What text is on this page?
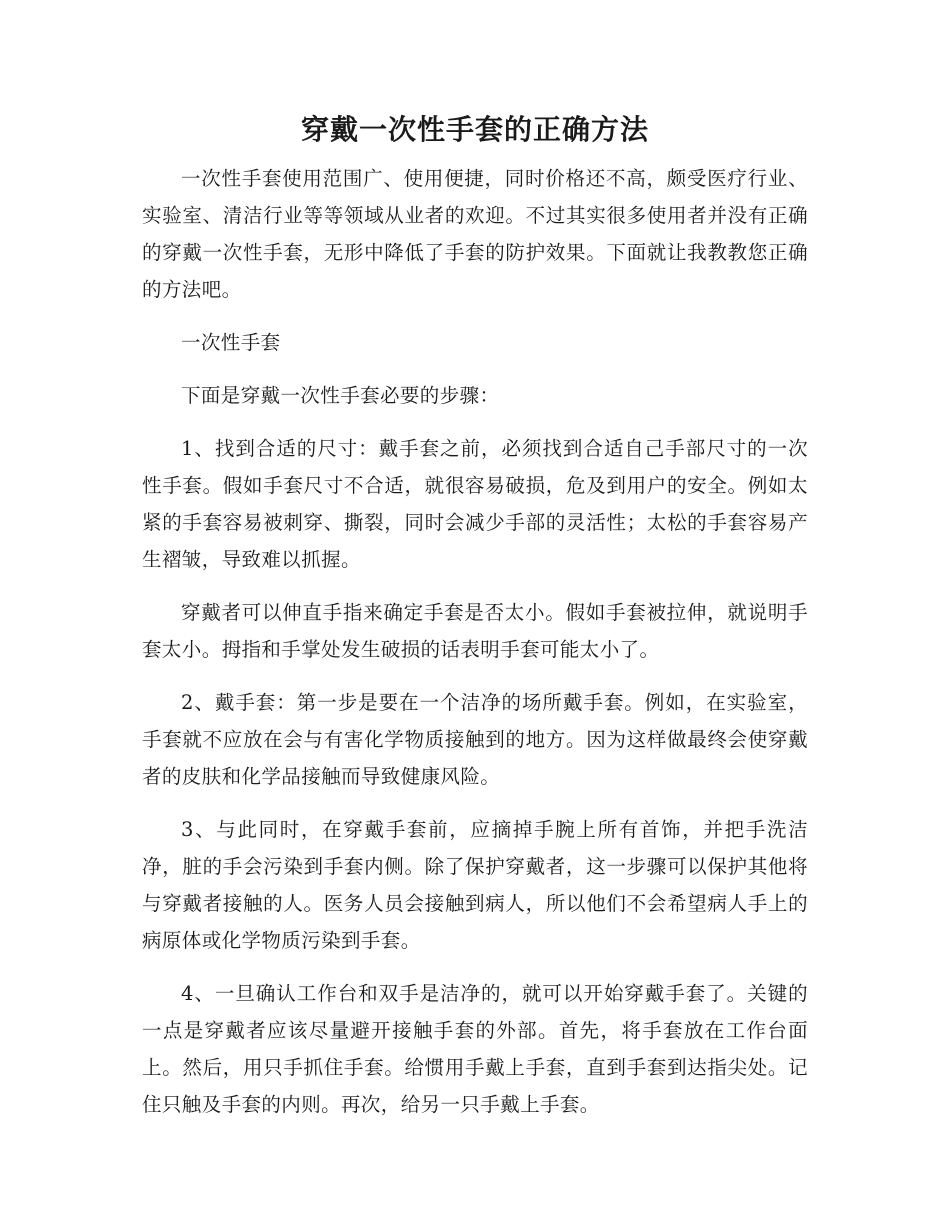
穿戴一次性手套的正确方法

一次性手套使用范围广、使用便捷，同时价格还不高，颇受医疗行业、实验室、清洁行业等等领域从业者的欢迎。不过其实很多使用者并没有正确的穿戴一次性手套，无形中降低了手套的防护效果。下面就让我教教您正确的方法吧。

一次性手套

下面是穿戴一次性手套必要的步骤：

1、找到合适的尺寸：戴手套之前，必须找到合适自己手部尺寸的一次性手套。假如手套尺寸不合适，就很容易破损，危及到用户的安全。例如太紧的手套容易被刺穿、撕裂，同时会减少手部的灵活性；太松的手套容易产生褶皱，导致难以抓握。

穿戴者可以伸直手指来确定手套是否太小。假如手套被拉伸，就说明手套太小。拇指和手掌处发生破损的话表明手套可能太小了。

2、戴手套：第一步是要在一个洁净的场所戴手套。例如，在实验室，手套就不应放在会与有害化学物质接触到的地方。因为这样做最终会使穿戴者的皮肤和化学品接触而导致健康风险。

3、与此同时，在穿戴手套前，应摘掉手腕上所有首饰，并把手洗洁净，脏的手会污染到手套内侧。除了保护穿戴者，这一步骤可以保护其他将与穿戴者接触的人。医务人员会接触到病人，所以他们不会希望病人手上的病原体或化学物质污染到手套。

4、一旦确认工作台和双手是洁净的，就可以开始穿戴手套了。关键的一点是穿戴者应该尽量避开接触手套的外部。首先，将手套放在工作台面上。然后，用只手抓住手套。给惯用手戴上手套，直到手套到达指尖处。记住只触及手套的内则。再次，给另一只手戴上手套。
